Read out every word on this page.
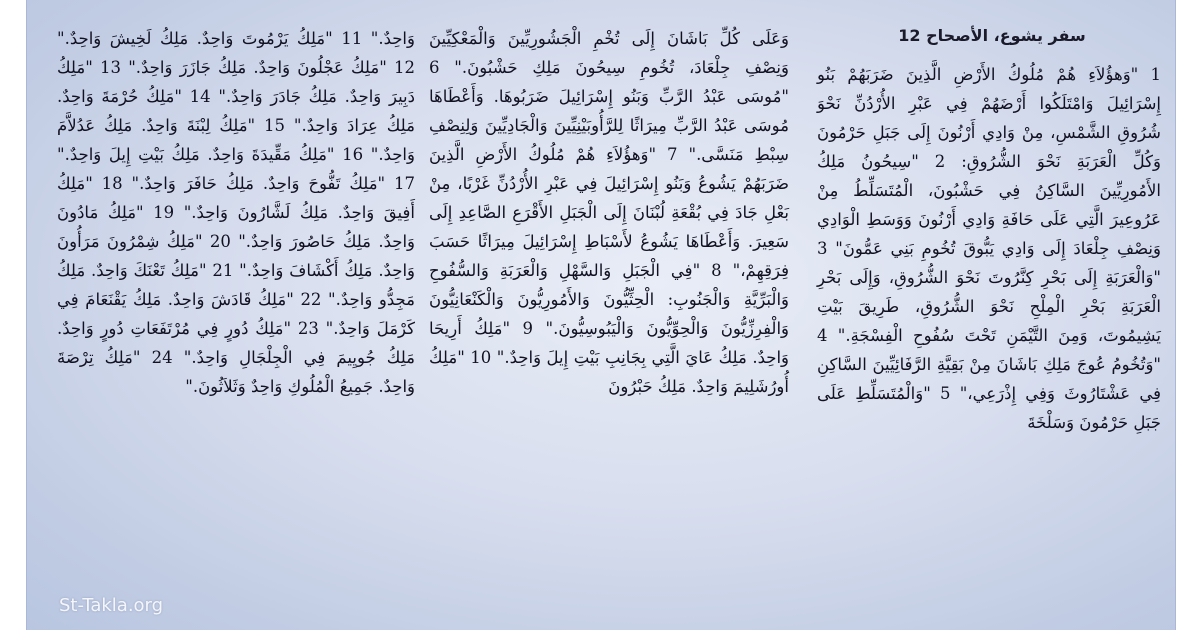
سفر يشوع، الأصحاح 12
1 "وَهؤُلاَءِ هُمْ مُلُوكُ الأَرْضِ الَّذِينَ ضَرَبَهُمْ بَنُو إِسْرَائِيلَ وَامْتَلَكُوا أَرْضَهُمْ فِي عَبْرِ الأُرْدُنِّ نَحْوَ شُرُوقِ الشَّمْسِ، مِنْ وَادِي أَرْنُونَ إِلَى جَبَلِ حَرْمُونَ وَكُلِّ الْعَرَبَةِ نَحْوَ الشُّرُوقِ: 2 "سِيحُونُ مَلِكُ الأَمُورِيِّينَ السَّاكِنُ فِي حَشْبُونَ، الْمُتَسَلِّطُ مِنْ عَرُوعِيرَ الَّتِي عَلَى حَافَةِ وَادِي أَرْنُونَ وَوَسَطِ الْوَادِي وَنِصْفِ جِلْعَادَ إِلَى وَادِي يَبُّوقَ تُخُومِ بَنِي عَمُّونَ" 3 "وَالْعَرَبَةِ إِلَى بَحْرِ كِنَّرُوتَ نَحْوَ الشُّرُوقِ، وَإِلَى بَحْرِ الْعَرَبَةِ بَحْرِ الْمِلْحِ نَحْوَ الشُّرُوقِ، طَرِيقَ بَيْتِ يَشِيمُوتَ، وَمِنَ التَّيْمَنِ تَحْتَ سُفُوحِ الْفِسْجَةِ." 4 "وَتُخُومُ عُوجَ مَلِكِ بَاشَانَ مِنْ بَقِيَّةِ الرَّفَائِيِّينَ السَّاكِنِ فِي عَشْتَارُوثَ وَفِي إِذْرَعِي،" 5 "وَالْمُتَسَلِّطِ عَلَى جَبَلِ حَرْمُونَ وَسَلْخَةَ
وَعَلَى كُلِّ بَاشَانَ إِلَى تُخْمِ الْجَشُورِيِّينَ وَالْمَعْكِيِّينَ وَنِصْفِ جِلْعَادَ، تُخُومِ سِيحُونَ مَلِكِ حَشْبُونَ." 6 "مُوسَى عَبْدُ الرَّبِّ وَبَنُو إِسْرَائِيلَ ضَرَبُوهَا. وَأَعْطَاهَا مُوسَى عَبْدُ الرَّبِّ مِيرَاثًا لِلرَّأُوبَيْنِيِّينَ وَالْجَادِيِّينَ وَلِنِصْفِ سِبْطِ مَنَسَّى." 7 "وَهؤُلاَءِ هُمْ مُلُوكُ الأَرْضِ الَّذِينَ ضَرَبَهُمْ يَشُوعُ وَبَنُو إِسْرَائِيلَ فِي عَبْرِ الأُرْدُنِّ غَرْبًا، مِنْ بَعْلِ جَادَ فِي بُقْعَةِ لُبْنَانَ إِلَى الْجَبَلِ الأَقْرَعِ الصَّاعِدِ إِلَى سَعِيرَ. وَأَعْطَاهَا يَشُوعُ لأَسْبَاطِ إِسْرَائِيلَ مِيرَاثًا حَسَبَ فِرَقِهِمْ،" 8 "فِي الْجَبَلِ وَالسَّهْلِ وَالْعَرَبَةِ وَالسُّفُوحِ وَالْبَرِّيَّةِ وَالْجَنُوبِ: الْحِثِّيُّونَ وَالأَمُورِيُّونَ وَالْكَنْعَانِيُّونَ وَالْفِرِزِّيُّونَ وَالْحِوِّيُّونَ وَالْيَبُوسِيُّونَ." 9 "مَلِكُ أَرِيحَا وَاحِدٌ. مَلِكُ عَايَ الَّتِي بِجَانِبِ بَيْتِ إِيلَ وَاحِدٌ." 10 "مَلِكُ أُورُشَلِيمَ وَاحِدٌ. مَلِكُ حَبْرُونَ
وَاحِدٌ." 11 "مَلِكُ يَرْمُوتَ وَاحِدٌ. مَلِكُ لَخِيشَ وَاحِدٌ." 12 "مَلِكُ عَجْلُونَ وَاحِدٌ. مَلِكُ جَازَرَ وَاحِدٌ." 13 "مَلِكُ دَبِيرَ وَاحِدٌ. مَلِكُ جَادَرَ وَاحِدٌ." 14 "مَلِكُ حُرْمَةَ وَاحِدٌ. مَلِكُ عِرَادَ وَاحِدٌ." 15 "مَلِكُ لِبْنَةَ وَاحِدٌ. مَلِكُ عَدُلاَّمَ وَاحِدٌ." 16 "مَلِكُ مَقِّيدَةَ وَاحِدٌ. مَلِكُ بَيْتِ إِيلَ وَاحِدٌ." 17 "مَلِكُ تَفُّوحَ وَاحِدٌ. مَلِكُ حَافَرَ وَاحِدٌ." 18 "مَلِكُ أَفِيقَ وَاحِدٌ. مَلِكُ لَشَّارُونَ وَاحِدٌ." 19 "مَلِكُ مَادُونَ وَاحِدٌ. مَلِكُ حَاصُورَ وَاحِدٌ." 20 "مَلِكُ شِمْرُونَ مَرَأُونَ وَاحِدٌ. مَلِكُ أَكْشَافَ وَاحِدٌ." 21 "مَلِكُ تَعْنَكَ وَاحِدٌ. مَلِكُ مَجِدُّو وَاحِدٌ." 22 "مَلِكُ قَادَشَ وَاحِدٌ. مَلِكُ يَقْنَعَامَ فِي كَرْمَلَ وَاحِدٌ." 23 "مَلِكُ دُورٍ فِي مُرْتَفَعَاتِ دُورٍ وَاحِدٌ. مَلِكُ جُويِيمَ فِي الْجِلْجَالِ وَاحِدٌ." 24 "مَلِكُ تِرْصَةَ وَاحِدٌ. جَمِيعُ الْمُلُوكِ وَاحِدٌ وَثَلاَثُونَ."
St-Takla.org
